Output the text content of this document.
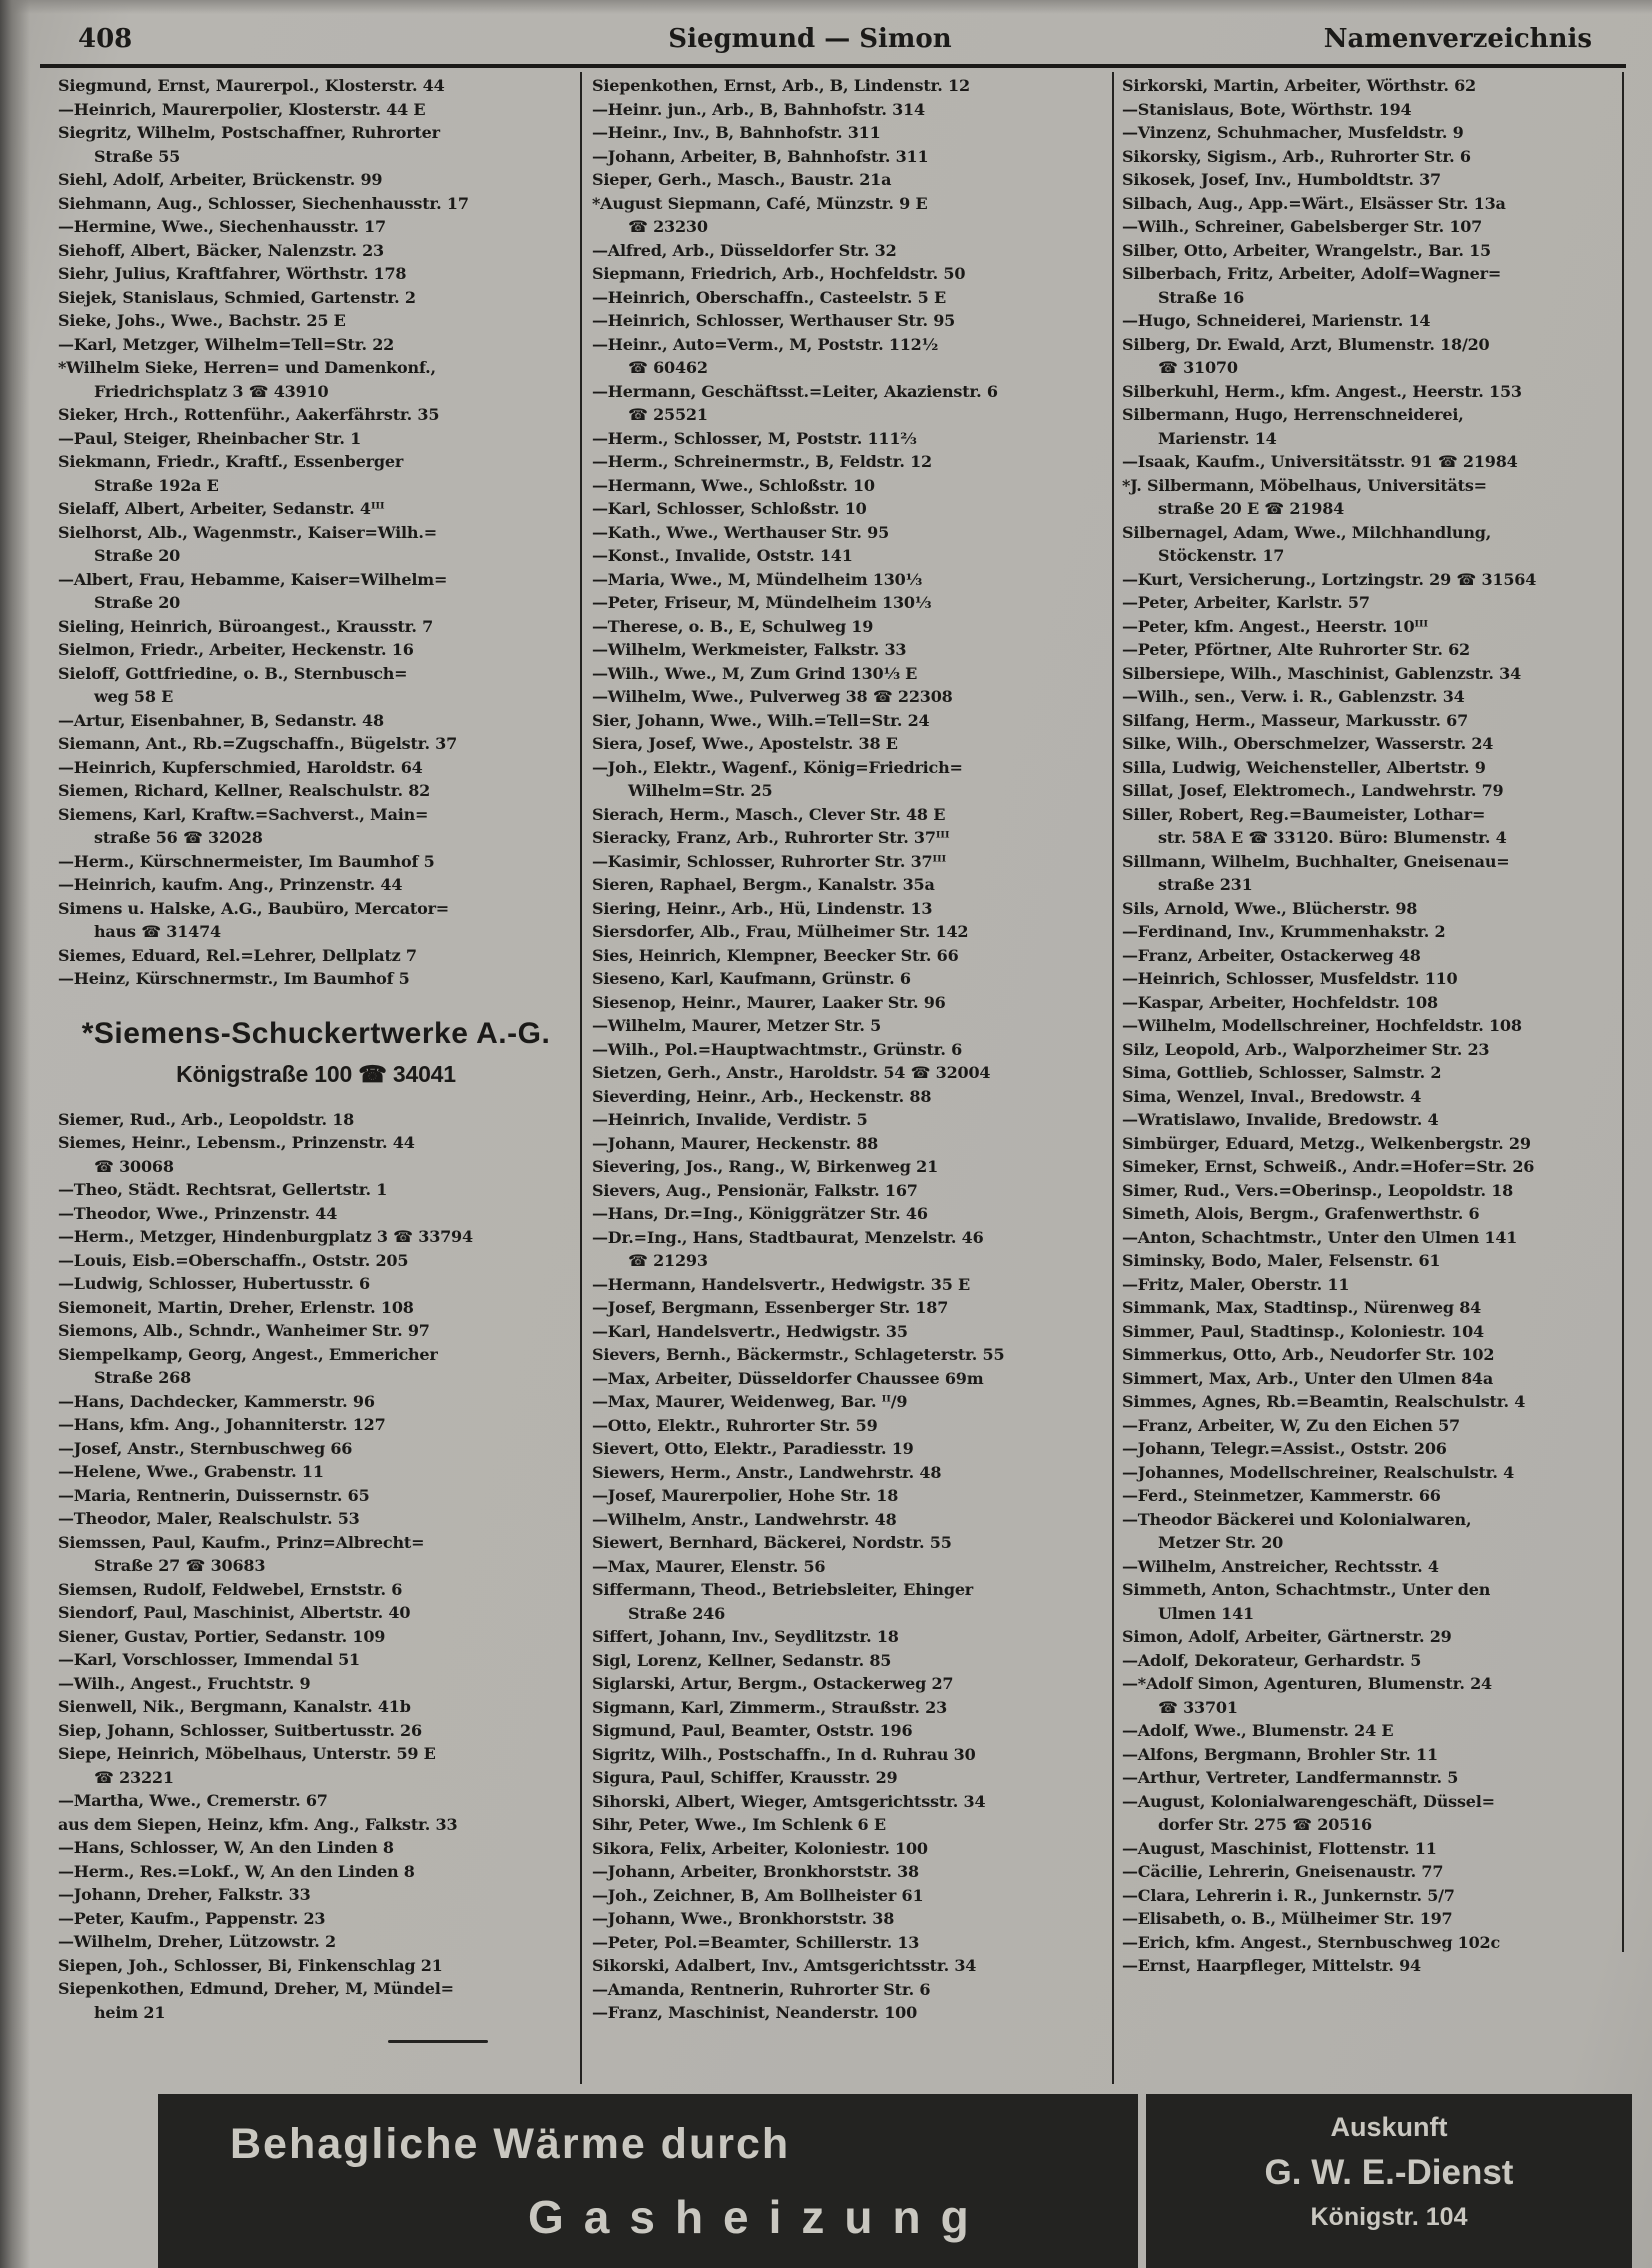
408	Siegmund — Simon	Namenverzeichnis
Siegmund, Ernst, Maurerpol., Klosterstr. 44
—Heinrich, Maurerpolier, Klosterstr. 44 E
Siegritz, Wilhelm, Postschaffner, Ruhrorter
Straße 55
Siehl, Adolf, Arbeiter, Brückenstr. 99
Siehmann, Aug., Schlosser, Siechenhausstr. 17
—Hermine, Wwe., Siechenhausstr. 17
Siehoff, Albert, Bäcker, Nalenzstr. 23
Siehr, Julius, Kraftfahrer, Wörthstr. 178
Siejek, Stanislaus, Schmied, Gartenstr. 2
Sieke, Johs., Wwe., Bachstr. 25 E
—Karl, Metzger, Wilhelm=Tell=Str. 22
*Wilhelm Sieke, Herren= und Damenkonf.,
Friedrichsplatz 3 ☎ 43910
Sieker, Hrch., Rottenführ., Aakerfährstr. 35
—Paul, Steiger, Rheinbacher Str. 1
Siekmann, Friedr., Kraftf., Essenberger
Straße 192a E
Sielaff, Albert, Arbeiter, Sedanstr. 4ᴵᴵᴵ
Sielhorst, Alb., Wagenmstr., Kaiser=Wilh.=
Straße 20
—Albert, Frau, Hebamme, Kaiser=Wilhelm=
Straße 20
Sieling, Heinrich, Büroangest., Krausstr. 7
Sielmon, Friedr., Arbeiter, Heckenstr. 16
Sieloff, Gottfriedine, o. B., Sternbusch=
weg 58 E
—Artur, Eisenbahner, B, Sedanstr. 48
Siemann, Ant., Rb.=Zugschaffn., Bügelstr. 37
—Heinrich, Kupferschmied, Haroldstr. 64
Siemen, Richard, Kellner, Realschulstr. 82
Siemens, Karl, Kraftw.=Sachverst., Main=
straße 56 ☎ 32028
—Herm., Kürschnermeister, Im Baumhof 5
—Heinrich, kaufm. Ang., Prinzenstr. 44
Simens u. Halske, A.G., Baubüro, Mercator=
haus ☎ 31474
Siemes, Eduard, Rel.=Lehrer, Dellplatz 7
—Heinz, Kürschnermstr., Im Baumhof 5
*Siemens-Schuckertwerke A.-G.
Königstraße 100 ☎ 34041
Siemer, Rud., Arb., Leopoldstr. 18
Siemes, Heinr., Lebensm., Prinzenstr. 44
☎ 30068
—Theo, Städt. Rechtsrat, Gellertstr. 1
—Theodor, Wwe., Prinzenstr. 44
—Herm., Metzger, Hindenburgplatz 3 ☎ 33794
—Louis, Eisb.=Oberschaffn., Oststr. 205
—Ludwig, Schlosser, Hubertusstr. 6
Siemoneit, Martin, Dreher, Erlenstr. 108
Siemons, Alb., Schndr., Wanheimer Str. 97
Siempelkamp, Georg, Angest., Emmericher
Straße 268
—Hans, Dachdecker, Kammerstr. 96
—Hans, kfm. Ang., Johanniterstr. 127
—Josef, Anstr., Sternbuschweg 66
—Helene, Wwe., Grabenstr. 11
—Maria, Rentnerin, Duissernstr. 65
—Theodor, Maler, Realschulstr. 53
Siemssen, Paul, Kaufm., Prinz=Albrecht=
Straße 27 ☎ 30683
Siemsen, Rudolf, Feldwebel, Ernststr. 6
Siendorf, Paul, Maschinist, Albertstr. 40
Siener, Gustav, Portier, Sedanstr. 109
—Karl, Vorschlosser, Immendal 51
—Wilh., Angest., Fruchtstr. 9
Sienwell, Nik., Bergmann, Kanalstr. 41b
Siep, Johann, Schlosser, Suitbertusstr. 26
Siepe, Heinrich, Möbelhaus, Unterstr. 59 E
☎ 23221
—Martha, Wwe., Cremerstr. 67
aus dem Siepen, Heinz, kfm. Ang., Falkstr. 33
—Hans, Schlosser, W, An den Linden 8
—Herm., Res.=Lokf., W, An den Linden 8
—Johann, Dreher, Falkstr. 33
—Peter, Kaufm., Pappenstr. 23
—Wilhelm, Dreher, Lützowstr. 2
Siepen, Joh., Schlosser, Bi, Finkenschlag 21
Siepenkothen, Edmund, Dreher, M, Mündel=
heim 21
Siepenkothen, Ernst, Arb., B, Lindenstr. 12
—Heinr. jun., Arb., B, Bahnhofstr. 314
—Heinr., Inv., B, Bahnhofstr. 311
—Johann, Arbeiter, B, Bahnhofstr. 311
Sieper, Gerh., Masch., Baustr. 21a
*August Siepmann, Café, Münzstr. 9 E
☎ 23230
—Alfred, Arb., Düsseldorfer Str. 32
Siepmann, Friedrich, Arb., Hochfeldstr. 50
—Heinrich, Oberschaffn., Casteelstr. 5 E
—Heinrich, Schlosser, Werthauser Str. 95
—Heinr., Auto=Verm., M, Poststr. 112½
☎ 60462
—Hermann, Geschäftsst.=Leiter, Akazienstr. 6
☎ 25521
—Herm., Schlosser, M, Poststr. 111⅔
—Herm., Schreinermstr., B, Feldstr. 12
—Hermann, Wwe., Schloßstr. 10
—Karl, Schlosser, Schloßstr. 10
—Kath., Wwe., Werthauser Str. 95
—Konst., Invalide, Oststr. 141
—Maria, Wwe., M, Mündelheim 130⅓
—Peter, Friseur, M, Mündelheim 130⅓
—Therese, o. B., E, Schulweg 19
—Wilhelm, Werkmeister, Falkstr. 33
—Wilh., Wwe., M, Zum Grind 130⅓ E
—Wilhelm, Wwe., Pulverweg 38 ☎ 22308
Sier, Johann, Wwe., Wilh.=Tell=Str. 24
Siera, Josef, Wwe., Apostelstr. 38 E
—Joh., Elektr., Wagenf., König=Friedrich=
Wilhelm=Str. 25
Sierach, Herm., Masch., Clever Str. 48 E
Sieracky, Franz, Arb., Ruhrorter Str. 37ᴵᴵᴵ
—Kasimir, Schlosser, Ruhrorter Str. 37ᴵᴵᴵ
Sieren, Raphael, Bergm., Kanalstr. 35a
Siering, Heinr., Arb., Hü, Lindenstr. 13
Siersdorfer, Alb., Frau, Mülheimer Str. 142
Sies, Heinrich, Klempner, Beecker Str. 66
Sieseno, Karl, Kaufmann, Grünstr. 6
Siesenop, Heinr., Maurer, Laaker Str. 96
—Wilhelm, Maurer, Metzer Str. 5
—Wilh., Pol.=Hauptwachtmstr., Grünstr. 6
Sietzen, Gerh., Anstr., Haroldstr. 54 ☎ 32004
Sieverding, Heinr., Arb., Heckenstr. 88
—Heinrich, Invalide, Verdistr. 5
—Johann, Maurer, Heckenstr. 88
Sievering, Jos., Rang., W, Birkenweg 21
Sievers, Aug., Pensionär, Falkstr. 167
—Hans, Dr.=Ing., Königgrätzer Str. 46
—Dr.=Ing., Hans, Stadtbaurat, Menzelstr. 46
☎ 21293
—Hermann, Handelsvertr., Hedwigstr. 35 E
—Josef, Bergmann, Essenberger Str. 187
—Karl, Handelsvertr., Hedwigstr. 35
Sievers, Bernh., Bäckermstr., Schlageterstr. 55
—Max, Arbeiter, Düsseldorfer Chaussee 69m
—Max, Maurer, Weidenweg, Bar. ᴵᴵ/9
—Otto, Elektr., Ruhrorter Str. 59
Sievert, Otto, Elektr., Paradiesstr. 19
Siewers, Herm., Anstr., Landwehrstr. 48
—Josef, Maurerpolier, Hohe Str. 18
—Wilhelm, Anstr., Landwehrstr. 48
Siewert, Bernhard, Bäckerei, Nordstr. 55
—Max, Maurer, Elenstr. 56
Siffermann, Theod., Betriebsleiter, Ehinger
Straße 246
Siffert, Johann, Inv., Seydlitzstr. 18
Sigl, Lorenz, Kellner, Sedanstr. 85
Siglarski, Artur, Bergm., Ostackerweg 27
Sigmann, Karl, Zimmerm., Straußstr. 23
Sigmund, Paul, Beamter, Oststr. 196
Sigritz, Wilh., Postschaffn., In d. Ruhrau 30
Sigura, Paul, Schiffer, Krausstr. 29
Sihorski, Albert, Wieger, Amtsgerichtsstr. 34
Sihr, Peter, Wwe., Im Schlenk 6 E
Sikora, Felix, Arbeiter, Koloniestr. 100
—Johann, Arbeiter, Bronkhorststr. 38
—Joh., Zeichner, B, Am Bollheister 61
—Johann, Wwe., Bronkhorststr. 38
—Peter, Pol.=Beamter, Schillerstr. 13
Sikorski, Adalbert, Inv., Amtsgerichtsstr. 34
—Amanda, Rentnerin, Ruhrorter Str. 6
—Franz, Maschinist, Neanderstr. 100
Sirkorski, Martin, Arbeiter, Wörthstr. 62
—Stanislaus, Bote, Wörthstr. 194
—Vinzenz, Schuhmacher, Musfeldstr. 9
Sikorsky, Sigism., Arb., Ruhrorter Str. 6
Sikosek, Josef, Inv., Humboldtstr. 37
Silbach, Aug., App.=Wärt., Elsässer Str. 13a
—Wilh., Schreiner, Gabelsberger Str. 107
Silber, Otto, Arbeiter, Wrangelstr., Bar. 15
Silberbach, Fritz, Arbeiter, Adolf=Wagner=
Straße 16
—Hugo, Schneiderei, Marienstr. 14
Silberg, Dr. Ewald, Arzt, Blumenstr. 18/20
☎ 31070
Silberkuhl, Herm., kfm. Angest., Heerstr. 153
Silbermann, Hugo, Herrenschneiderei,
Marienstr. 14
—Isaak, Kaufm., Universitätsstr. 91 ☎ 21984
*J. Silbermann, Möbelhaus, Universitäts=
straße 20 E ☎ 21984
Silbernagel, Adam, Wwe., Milchhandlung,
Stöckenstr. 17
—Kurt, Versicherung., Lortzingstr. 29 ☎ 31564
—Peter, Arbeiter, Karlstr. 57
—Peter, kfm. Angest., Heerstr. 10ᴵᴵᴵ
—Peter, Pförtner, Alte Ruhrorter Str. 62
Silbersiepe, Wilh., Maschinist, Gablenzstr. 34
—Wilh., sen., Verw. i. R., Gablenzstr. 34
Silfang, Herm., Masseur, Markusstr. 67
Silke, Wilh., Oberschmelzer, Wasserstr. 24
Silla, Ludwig, Weichensteller, Albertstr. 9
Sillat, Josef, Elektromech., Landwehrstr. 79
Siller, Robert, Reg.=Baumeister, Lothar=
str. 58A E ☎ 33120. Büro: Blumenstr. 4
Sillmann, Wilhelm, Buchhalter, Gneisenau=
straße 231
Sils, Arnold, Wwe., Blücherstr. 98
—Ferdinand, Inv., Krummenhakstr. 2
—Franz, Arbeiter, Ostackerweg 48
—Heinrich, Schlosser, Musfeldstr. 110
—Kaspar, Arbeiter, Hochfeldstr. 108
—Wilhelm, Modellschreiner, Hochfeldstr. 108
Silz, Leopold, Arb., Walporzheimer Str. 23
Sima, Gottlieb, Schlosser, Salmstr. 2
Sima, Wenzel, Inval., Bredowstr. 4
—Wratislawo, Invalide, Bredowstr. 4
Simbürger, Eduard, Metzg., Welkenbergstr. 29
Simeker, Ernst, Schweiß., Andr.=Hofer=Str. 26
Simer, Rud., Vers.=Oberinsp., Leopoldstr. 18
Simeth, Alois, Bergm., Grafenwerthstr. 6
—Anton, Schachtmstr., Unter den Ulmen 141
Siminsky, Bodo, Maler, Felsenstr. 61
—Fritz, Maler, Oberstr. 11
Simmank, Max, Stadtinsp., Nürenweg 84
Simmer, Paul, Stadtinsp., Koloniestr. 104
Simmerkus, Otto, Arb., Neudorfer Str. 102
Simmert, Max, Arb., Unter den Ulmen 84a
Simmes, Agnes, Rb.=Beamtin, Realschulstr. 4
—Franz, Arbeiter, W, Zu den Eichen 57
—Johann, Telegr.=Assist., Oststr. 206
—Johannes, Modellschreiner, Realschulstr. 4
—Ferd., Steinmetzer, Kammerstr. 66
—Theodor Bäckerei und Kolonialwaren,
Metzer Str. 20
—Wilhelm, Anstreicher, Rechtsstr. 4
Simmeth, Anton, Schachtmstr., Unter den
Ulmen 141
Simon, Adolf, Arbeiter, Gärtnerstr. 29
—Adolf, Dekorateur, Gerhardstr. 5
—*Adolf Simon, Agenturen, Blumenstr. 24
☎ 33701
—Adolf, Wwe., Blumenstr. 24 E
—Alfons, Bergmann, Brohler Str. 11
—Arthur, Vertreter, Landfermannstr. 5
—August, Kolonialwarengeschäft, Düssel=
dorfer Str. 275 ☎ 20516
—August, Maschinist, Flottenstr. 11
—Cäcilie, Lehrerin, Gneisenaustr. 77
—Clara, Lehrerin i. R., Junkernstr. 5/7
—Elisabeth, o. B., Mülheimer Str. 197
—Erich, kfm. Angest., Sternbuschweg 102c
—Ernst, Haarpfleger, Mittelstr. 94
Behagliche Wärme durch
Gasheizung
Auskunft
G. W. E.-Dienst
Königstr. 104
